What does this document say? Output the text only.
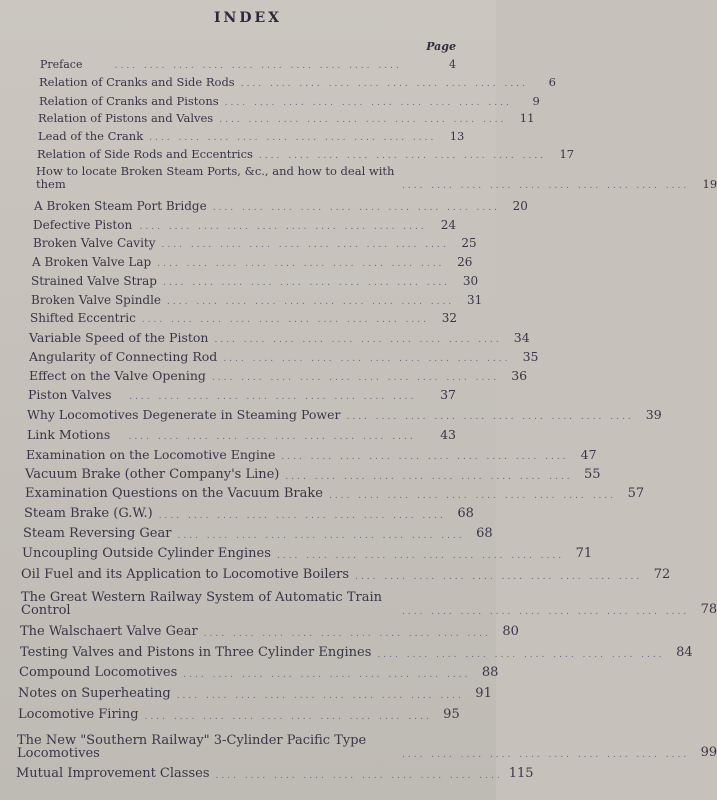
INDEX
Page
Preface	.... .... .... .... .... .... .... .... .... ....	4
Relation of Cranks and Side Rods .... .... .... .... .... .... .... .... .... ....	6
Relation of Cranks and Pistons .... .... .... .... .... .... .... .... .... ....	9
Relation of Pistons and Valves .... .... .... .... .... .... .... .... .... ....	11
Lead of the Crank .... .... .... .... .... .... .... .... .... ....	13
Relation of Side Rods and Eccentrics .... .... .... .... .... .... .... .... .... ....	17
How to locate Broken Steam Ports, &c., and how to deal with them	.... .... .... .... .... .... .... .... .... ....	19
A Broken Steam Port Bridge .... .... .... .... .... .... .... .... .... ....	20
Defective Piston .... .... .... .... .... .... .... .... .... ....	24
Broken Valve Cavity .... .... .... .... .... .... .... .... .... ....	25
A Broken Valve Lap .... .... .... .... .... .... .... .... .... ....	26
Strained Valve Strap .... .... .... .... .... .... .... .... .... ....	30
Broken Valve Spindle .... .... .... .... .... .... .... .... .... ....	31
Shifted Eccentric .... .... .... .... .... .... .... .... .... ....	32
Variable Speed of the Piston .... .... .... .... .... .... .... .... .... .... 34
Angularity of Connecting Rod .... .... .... .... .... .... .... .... .... .... 35
Effect on the Valve Opening .... .... .... .... .... .... .... .... .... .... 36
Piston Valves	.... .... .... .... .... .... .... .... .... ....	37
Why Locomotives Degenerate in Steaming Power .... .... .... .... .... .... .... .... .... .... 39
Link Motions	.... .... .... .... .... .... .... .... .... ....	43
Examination on the Locomotive Engine .... .... .... .... .... .... .... .... .... .... 47
Vacuum Brake (other Company's Line) .... .... .... .... .... .... .... .... .... .... 55
Examination Questions on the Vacuum Brake .... .... .... .... .... .... .... .... .... .... 57
Steam Brake (G.W.) .... .... .... .... .... .... .... .... .... .... 68
Steam Reversing Gear .... .... .... .... .... .... .... .... .... .... 68
Uncoupling Outside Cylinder Engines .... .... .... .... .... .... .... .... .... .... 71
Oil Fuel and its Application to Locomotive Boilers .... .... .... .... .... .... .... .... .... .... 72
The Great Western Railway System of Automatic Train Control	.... .... .... .... .... .... .... .... .... .... 78
The Walschaert Valve Gear .... .... .... .... .... .... .... .... .... .... 80
Testing Valves and Pistons in Three Cylinder Engines .... .... .... .... .... .... .... .... .... .... 84
Compound Locomotives .... .... .... .... .... .... .... .... .... .... 88
Notes on Superheating .... .... .... .... .... .... .... .... .... .... 91
Locomotive Firing .... .... .... .... .... .... .... .... .... .... 95
The New "Southern Railway" 3-Cylinder Pacific Type Locomotives	.... .... .... .... .... .... .... .... .... .... 99
Mutual Improvement Classes .... .... .... .... .... .... .... .... .... .... 115
